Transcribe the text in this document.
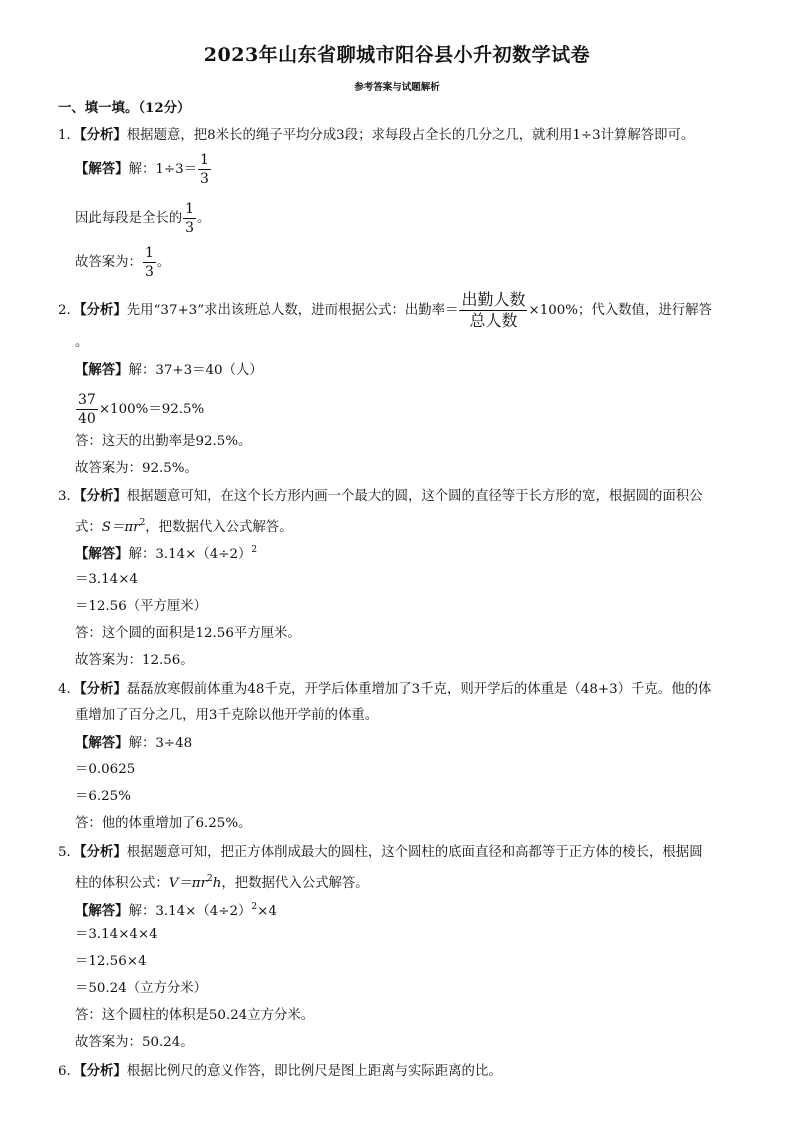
2023年山东省聊城市阳谷县小升初数学试卷
参考答案与试题解析
一、填一填。（12分）
1．【分析】根据题意，把8米长的绳子平均分成3段；求每段占全长的几分之几，就利用1÷3计算解答即可。
【解答】解：$1\div 3= \frac{1}{3}$
因此每段是全长的 $\frac{1}{3}$ 。
故答案为： $\frac{1}{3}$ 。
2．【分析】先用“37+3”求出该班总人数，进而根据公式：出勤率＝ $\frac{\text{出勤人数}}{\text{总人数}} \times 100\%$；代入数值，进行解答
。
【解答】解：37+3＝40（人）
$\frac{37}{40} \times 100\%=92.5\%$
答：这天的出勤率是92.5%。
故答案为：92.5%。
3．【分析】根据题意可知，在这个长方形内画一个最大的圆，这个圆的直径等于长方形的宽，根据圆的面积公
式：$S=\pi r^2$，把数据代入公式解答。
【解答】解：$3.14\times(4\div 2)^2$
＝3.14×4
＝12.56（平方厘米）
答：这个圆的面积是12.56平方厘米。
故答案为：12.56。
4．【分析】磊磊放寒假前体重为48千克，开学后体重增加了3千克，则开学后的体重是（48+3）千克。他的体
重增加了百分之几，用3千克除以他开学前的体重。
【解答】解：3÷48
＝0.0625
＝6.25%
答：他的体重增加了6.25%。
5．【分析】根据题意可知，把正方体削成最大的圆柱，这个圆柱的底面直径和高都等于正方体的棱长，根据圆
柱的体积公式：$V=\pi r^2h$，把数据代入公式解答。
【解答】解：$3.14\times(4\div 2)^2\times 4$
＝3.14×4×4
＝12.56×4
＝50.24（立方分米）
答：这个圆柱的体积是50.24立方分米。
故答案为：50.24。
6．【分析】根据比例尺的意义作答，即比例尺是图上距离与实际距离的比。
